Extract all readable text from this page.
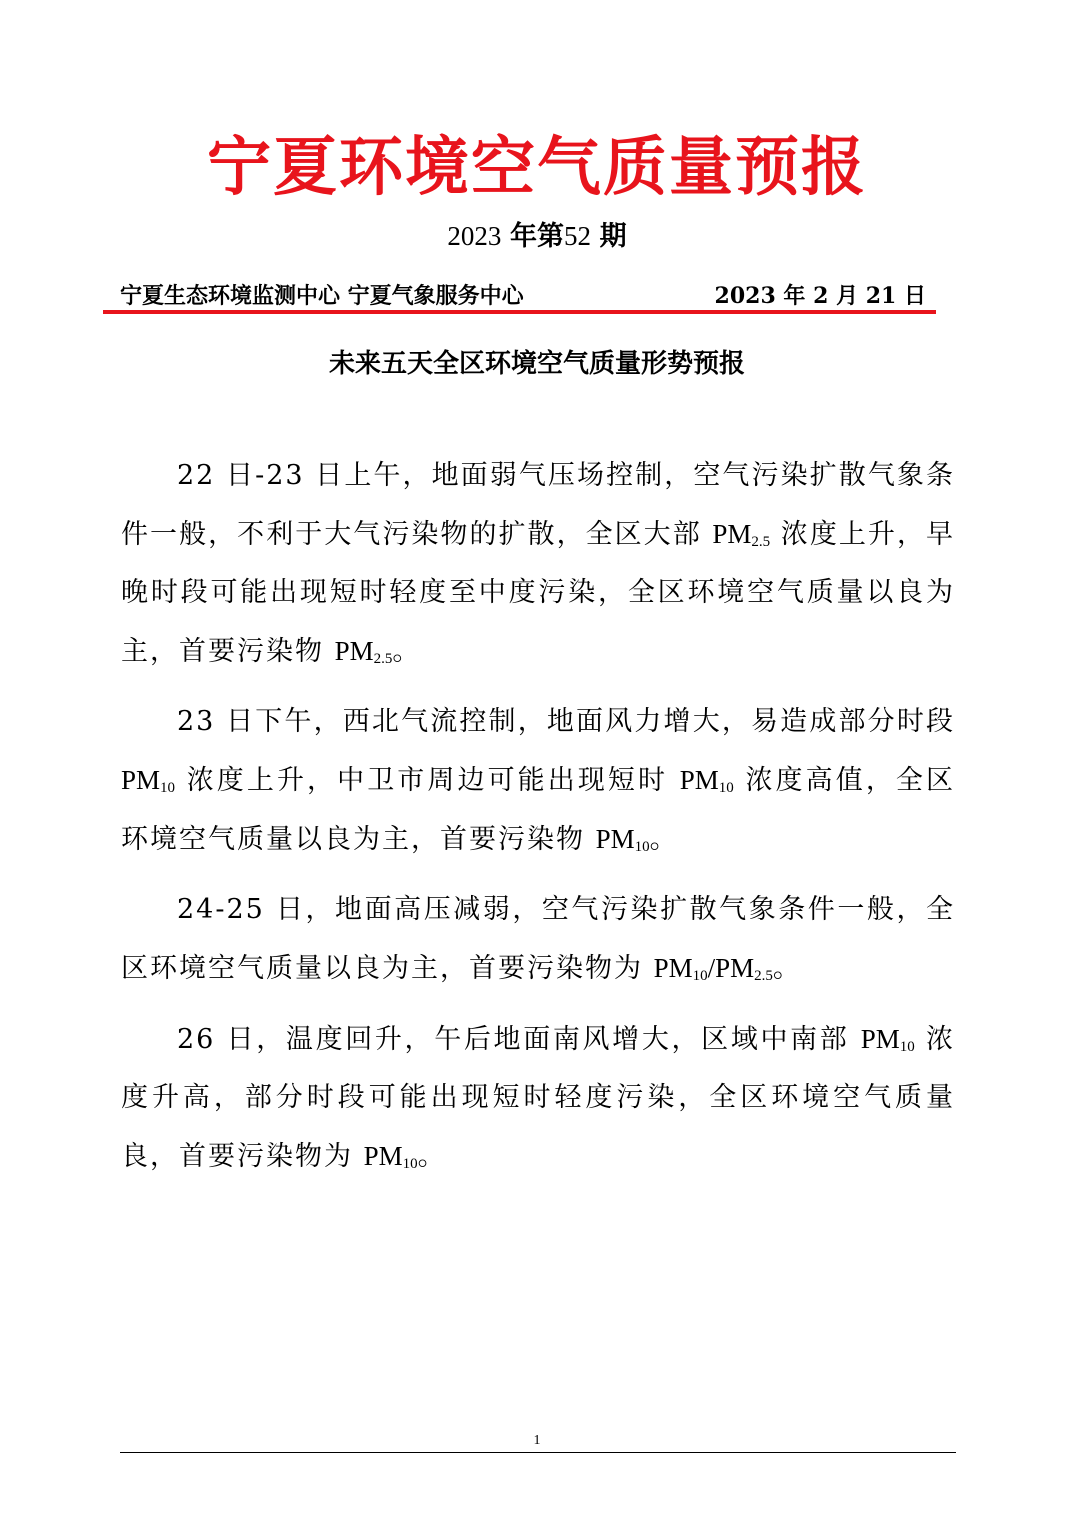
宁夏环境空气质量预报
2023 年第52 期
宁夏生态环境监测中心 宁夏气象服务中心	2023 年 2 月 21 日
未来五天全区环境空气质量形势预报

22 日-23 日上午，地面弱气压场控制，空气污染扩散气象条件一般，不利于大气污染物的扩散，全区大部 $PM_{2.5}$ 浓度上升，早晚时段可能出现短时轻度至中度污染，全区环境空气质量以良为主，首要污染物 $PM_{2.5}$。

23 日下午，西北气流控制，地面风力增大，易造成部分时段 $PM_{10}$ 浓度上升，中卫市周边可能出现短时 $PM_{10}$ 浓度高值，全区环境空气质量以良为主，首要污染物 $PM_{10}$。

24-25 日，地面高压减弱，空气污染扩散气象条件一般，全区环境空气质量以良为主，首要污染物为 $PM_{10}/PM_{2.5}$。

26 日，温度回升，午后地面南风增大，区域中南部 $PM_{10}$ 浓度升高，部分时段可能出现短时轻度污染，全区环境空气质量良，首要污染物为 $PM_{10}$。

1
